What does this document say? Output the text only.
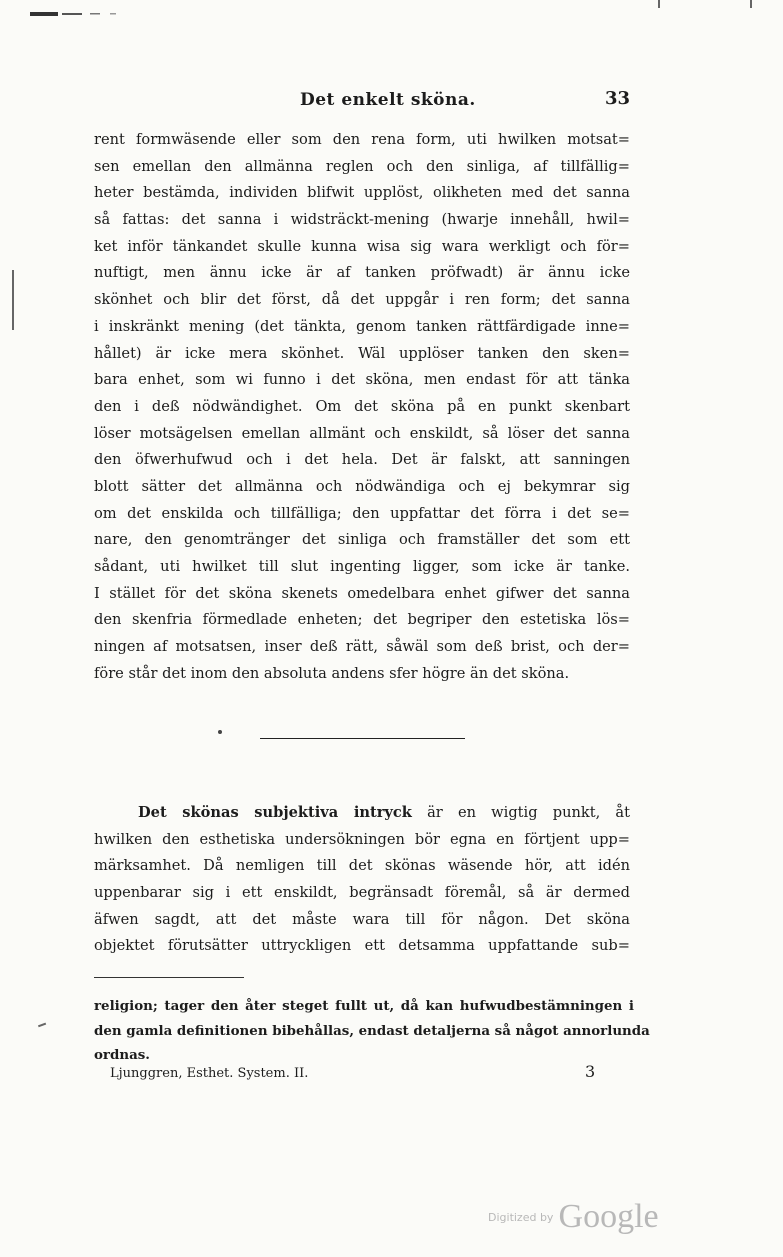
Det enkelt sköna.	33
rent formwäsende eller som den rena form, uti hwilken motsat=
sen emellan den allmänna reglen och den sinliga, af tillfällig=
heter bestämda, individen blifwit upplöst, olikheten med det sanna
så fattas: det sanna i widsträckt-mening (hwarje innehåll, hwil=
ket inför tänkandet skulle kunna wisa sig wara werkligt och för=
nuftigt, men ännu icke är af tanken pröfwadt) är ännu icke
skönhet och blir det först, då det uppgår i ren form; det sanna
i inskränkt mening (det tänkta, genom tanken rättfärdigade inne=
hållet) är icke mera skönhet. Wäl upplöser tanken den sken=
bara enhet, som wi funno i det sköna, men endast för att tänka
den i deß nödwändighet. Om det sköna på en punkt skenbart
löser motsägelsen emellan allmänt och enskildt, så löser det sanna
den öfwerhufwud och i det hela. Det är falskt, att sanningen
blott sätter det allmänna och nödwändiga och ej bekymrar sig
om det enskilda och tillfälliga; den uppfattar det förra i det se=
nare, den genomtränger det sinliga och framställer det som ett
sådant, uti hwilket till slut ingenting ligger, som icke är tanke.
I stället för det sköna skenets omedelbara enhet gifwer det sanna
den skenfria förmedlade enheten; det begriper den estetiska lös=
ningen af motsatsen, inser deß rätt, såwäl som deß brist, och der=
före står det inom den absoluta andens sfer högre än det sköna.
Det skönas subjektiva intryck är en wigtig punkt, åt
hwilken den esthetiska undersökningen bör egna en förtjent upp=
märksamhet. Då nemligen till det skönas wäsende hör, att idén
uppenbarar sig i ett enskildt, begränsadt föremål, så är dermed
äfwen sagdt, att det måste wara till för någon. Det sköna
objektet förutsätter uttryckligen ett detsamma uppfattande sub=
religion; tager den åter steget fullt ut, då kan hufwudbestämningen i
den gamla definitionen bibehållas, endast detaljerna så något annorlunda
ordnas.
Ljunggren, Esthet. System. II.	3
$^{Digitized by}$ Google
